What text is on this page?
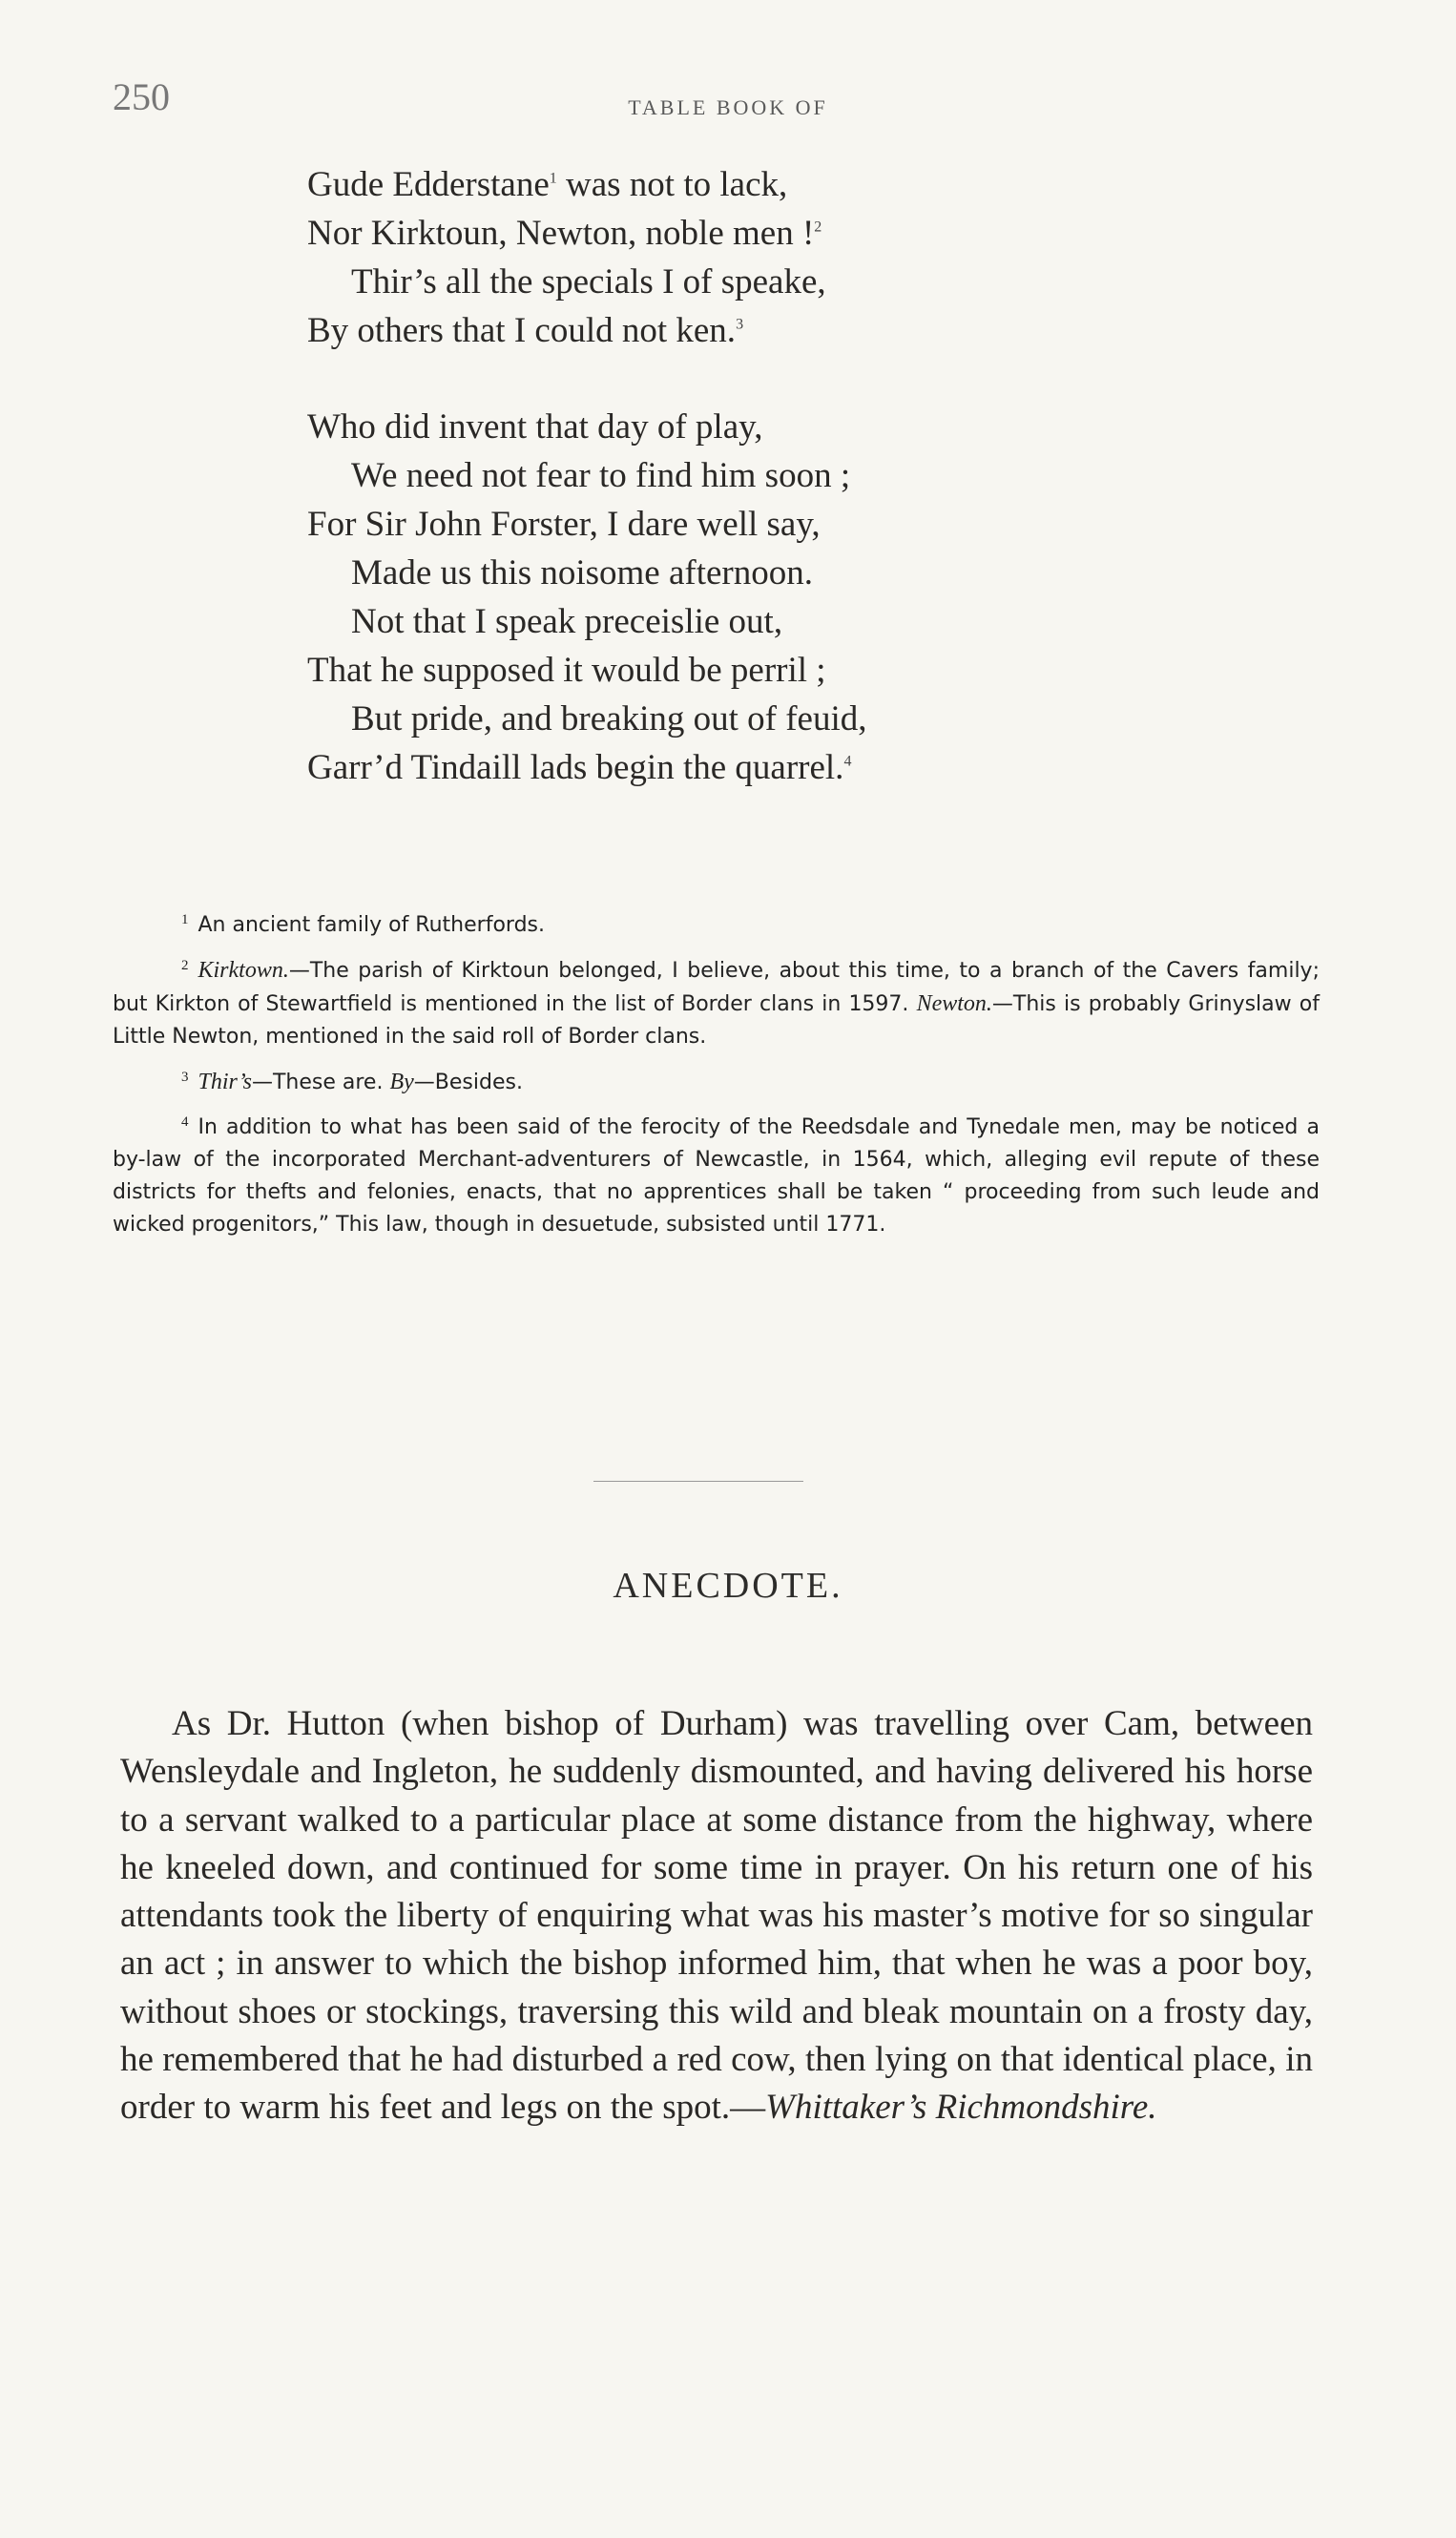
250	TABLE BOOK OF
Gude Edderstane$^1$ was not to lack,
Nor Kirktoun, Newton, noble men !$^2$
Thir’s all the specials I of speake,
By others that I could not ken.$^3$
Who did invent that day of play,
We need not fear to find him soon ;
For Sir John Forster, I dare well say,
Made us this noisome afternoon.
Not that I speak preceislie out,
That he supposed it would be perril ;
But pride, and breaking out of feuid,
Garr’d Tindaill lads begin the quarrel.$^4$

$^1$ An ancient family of Rutherfords.

$^2$ Kirktown.—The parish of Kirktoun belonged, I believe, about this time, to a branch of the Cavers family; but Kirkton of Stewartfield is mentioned in the list of Border clans in 1597. Newton.—This is probably Grinyslaw of Little Newton, mentioned in the said roll of Border clans.

$^3$ Thir’s—These are. By—Besides.

$^4$ In addition to what has been said of the ferocity of the Reedsdale and Tynedale men, may be noticed a by-law of the incorporated Merchant-adventurers of Newcastle, in 1564, which, alleging evil repute of these districts for thefts and felonies, enacts, that no apprentices shall be taken “ proceeding from such leude and wicked progenitors,” This law, though in desuetude, subsisted until 1771.

ANECDOTE.

As Dr. Hutton (when bishop of Durham) was travelling over Cam, between Wensleydale and Ingleton, he suddenly dismounted, and having delivered his horse to a servant walked to a particular place at some distance from the highway, where he kneeled down, and continued for some time in prayer. On his return one of his attendants took the liberty of enquiring what was his master’s motive for so singular an act ; in answer to which the bishop informed him, that when he was a poor boy, without shoes or stockings, traversing this wild and bleak mountain on a frosty day, he remembered that he had disturbed a red cow, then lying on that identical place, in order to warm his feet and legs on the spot.—Whittaker’s Richmondshire.
